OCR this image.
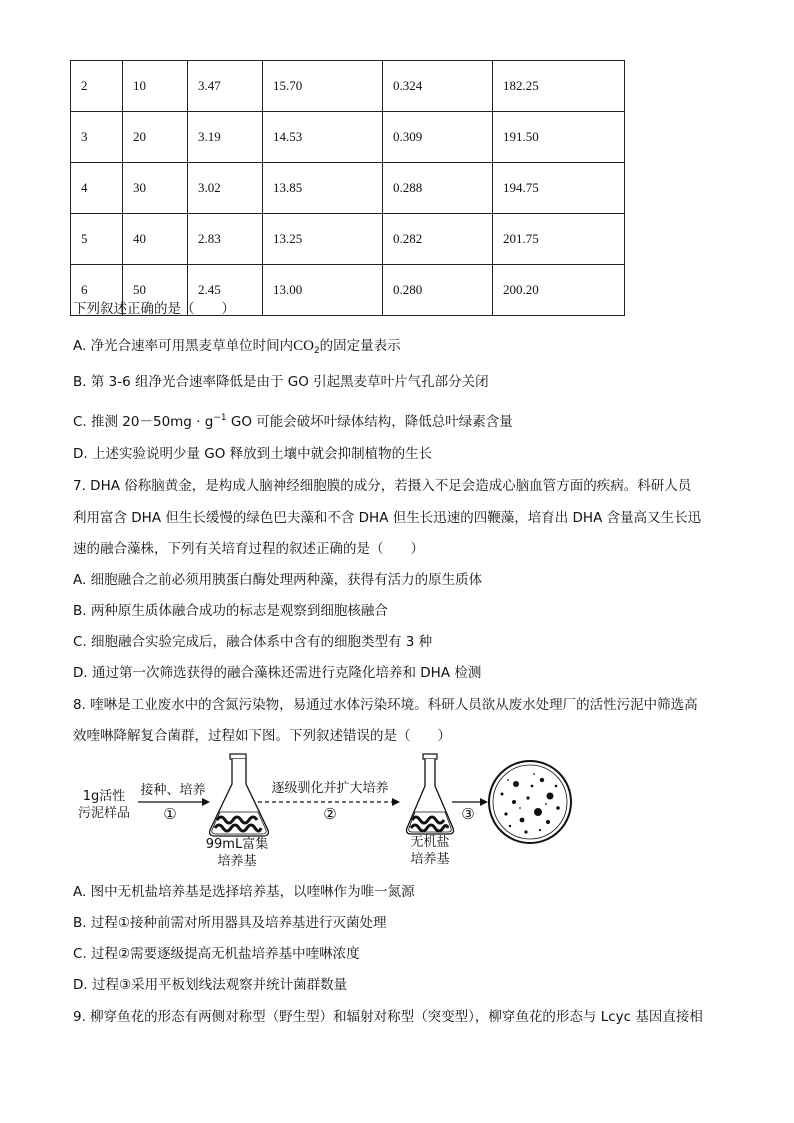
2	10	3.47	15.70	0.324	182.25
3	20	3.19	14.53	0.309	191.50
4	30	3.02	13.85	0.288	194.75
5	40	2.83	13.25	0.282	201.75
6	50	2.45	13.00	0.280	200.20
下列叙述正确的是（　　）
A. 净光合速率可用黑麦草单位时间内$CO_2$的固定量表示
B. 第 3-6 组净光合速率降低是由于 GO 引起黑麦草叶片气孔部分关闭
C. 推测 $20-50mg \cdot g^{-1}$ GO 可能会破坏叶绿体结构，降低总叶绿素含量
D. 上述实验说明少量 GO 释放到土壤中就会抑制植物的生长
7. DHA 俗称脑黄金，是构成人脑神经细胞膜的成分，若摄入不足会造成心脑血管方面的疾病。科研人员
利用富含 DHA 但生长缓慢的绿色巴夫藻和不含 DHA 但生长迅速的四鞭藻，培育出 DHA 含量高又生长迅
速的融合藻株，下列有关培育过程的叙述正确的是（　　）
A. 细胞融合之前必须用胰蛋白酶处理两种藻，获得有活力的原生质体
B. 两种原生质体融合成功的标志是观察到细胞核融合
C. 细胞融合实验完成后，融合体系中含有的细胞类型有 3 种
D. 通过第一次筛选获得的融合藻株还需进行克隆化培养和 DHA 检测
8. 喹啉是工业废水中的含氮污染物，易通过水体污染环境。科研人员欲从废水处理厂的活性污泥中筛选高
效喹啉降解复合菌群，过程如下图。下列叙述错误的是（　　）
1g活性
污泥样品
接种、培养
①
99mL富集
培养基
逐级驯化并扩大培养
②
无机盐
培养基
③
A. 图中无机盐培养基是选择培养基，以喹啉作为唯一氮源
B. 过程①接种前需对所用器具及培养基进行灭菌处理
C. 过程②需要逐级提高无机盐培养基中喹啉浓度
D. 过程③采用平板划线法观察并统计菌群数量
9. 柳穿鱼花的形态有两侧对称型（野生型）和辐射对称型（突变型），柳穿鱼花的形态与 Lcyc 基因直接相
